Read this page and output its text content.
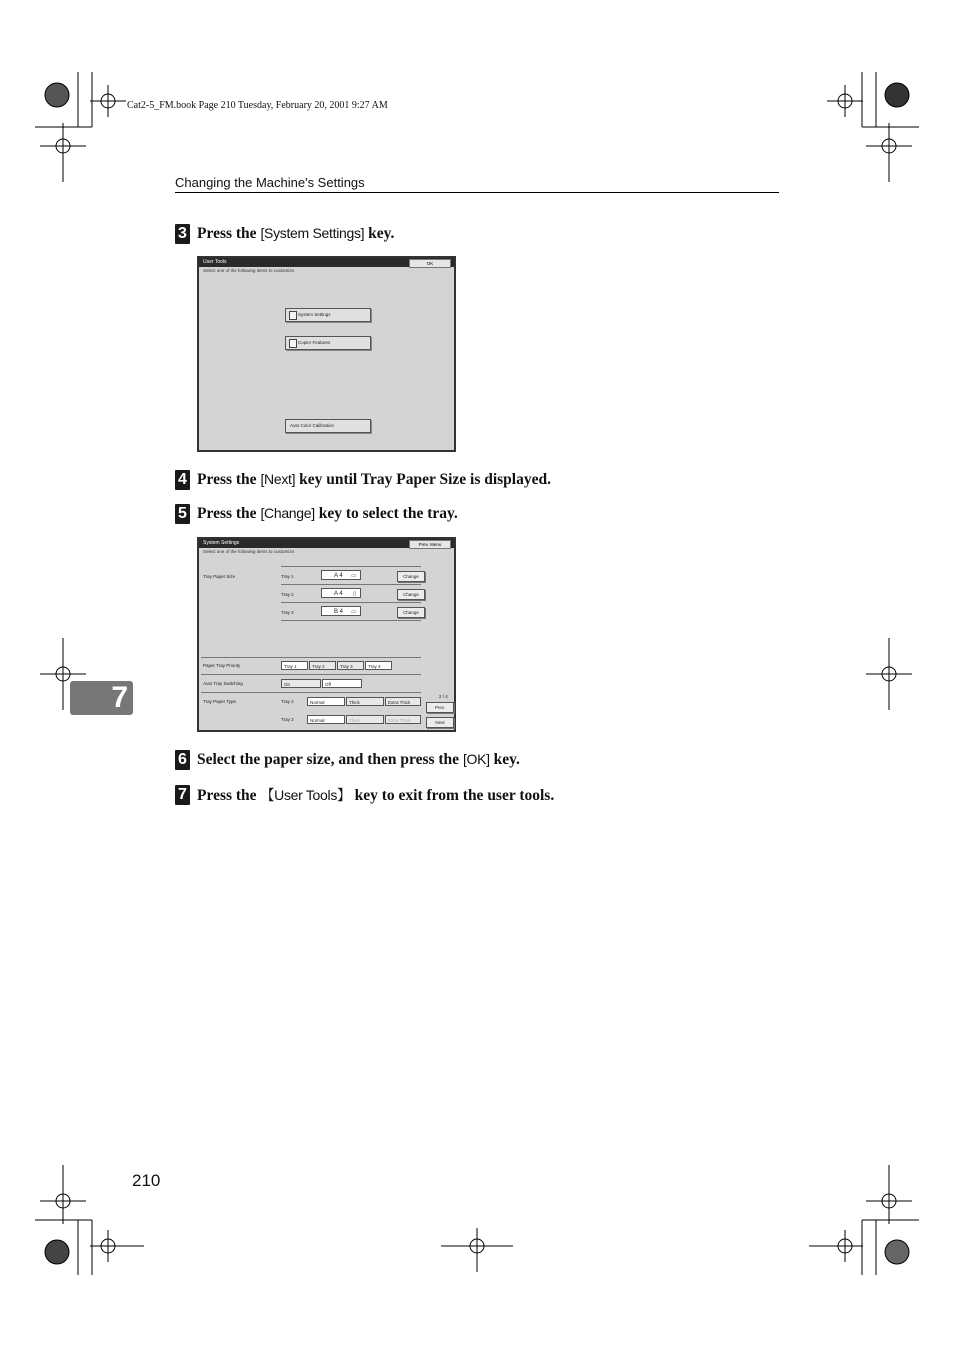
Cat2-5_FM.book Page 210 Tuesday, February 20, 2001 9:27 AM
Changing the Machine's Settings
3 Press the [System Settings] key.
User Tools	OK
Select one of the following items to customize.
System Settings
Copier Features
Auto Color Calibration
4 Press the [Next] key until Tray Paper Size is displayed.
5 Press the [Change] key to select the tray.
System Settings	Prev. Menu
Select one of the following items to customize.
Tray Paper Size	Tray 1	A 4 ▭	Change
Tray 2	A 4 ▯	Change
Tray 3	B 4 ▭	Change
Paper Tray Priority	Tray 1	Tray 2	Tray 3	Tray 4
Auto Tray Switching	On	Off
Tray Paper Type	Tray 2	Normal	Thick	Extra Thick
Tray 3	Normal	Thick	Extra Thick
2 / 4
Prev.
Next
7
6 Select the paper size, and then press the [OK] key.
7 Press the 【User Tools】 key to exit from the user tools.
210
